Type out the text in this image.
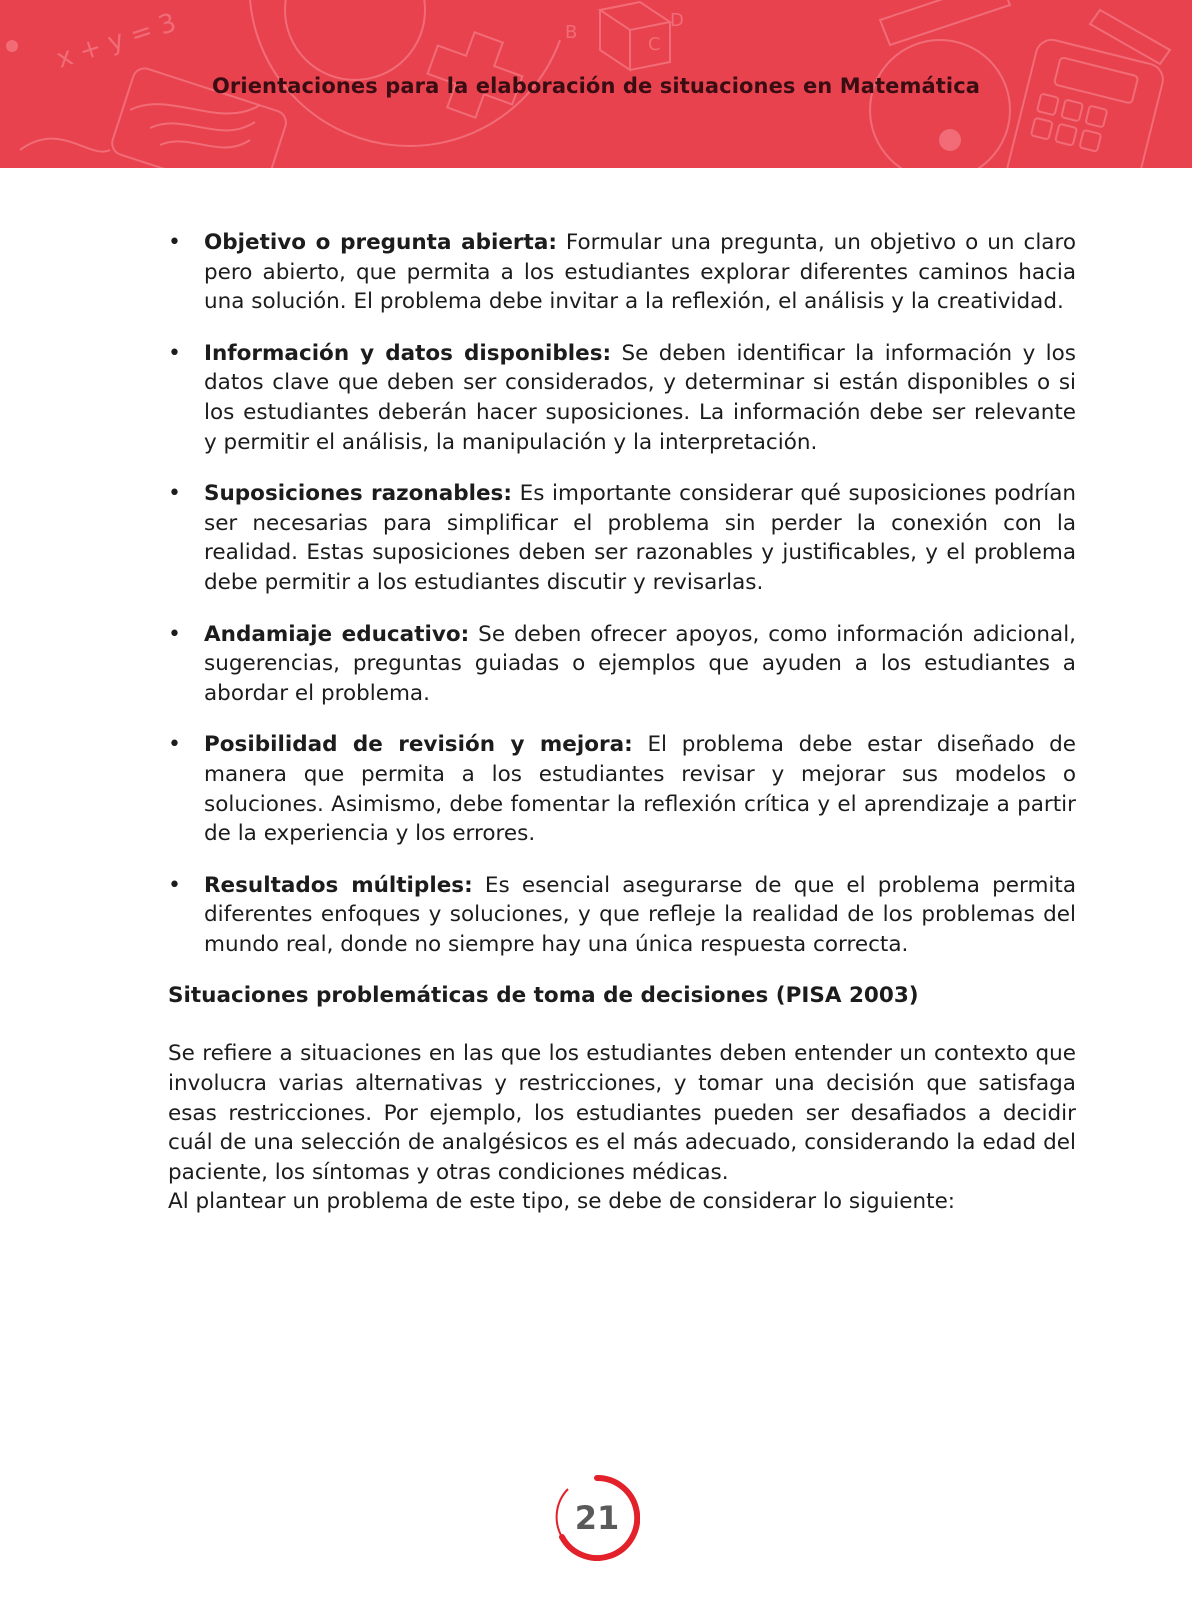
x + y = 3	B
C
D
Orientaciones para la elaboración de situaciones en Matemática
• Objetivo o pregunta abierta: Formular una pregunta, un objetivo o un claro pero abierto, que permita a los estudiantes explorar diferentes caminos hacia una solución. El problema debe invitar a la reflexión, el análisis y la creatividad.
• Información y datos disponibles: Se deben identificar la información y los datos clave que deben ser considerados, y determinar si están disponibles o si los estudiantes deberán hacer suposiciones. La información debe ser relevante y permitir el análisis, la manipulación y la interpretación.
• Suposiciones razonables: Es importante considerar qué suposiciones podrían ser necesarias para simplificar el problema sin perder la conexión con la realidad. Estas suposiciones deben ser razonables y justificables, y el problema debe permitir a los estudiantes discutir y revisarlas.
• Andamiaje educativo: Se deben ofrecer apoyos, como información adicional, sugerencias, preguntas guiadas o ejemplos que ayuden a los estudiantes a abordar el problema.
• Posibilidad de revisión y mejora: El problema debe estar diseñado de manera que permita a los estudiantes revisar y mejorar sus modelos o soluciones. Asimismo, debe fomentar la reflexión crítica y el aprendizaje a partir de la experiencia y los errores.
• Resultados múltiples: Es esencial asegurarse de que el problema permita diferentes enfoques y soluciones, y que refleje la realidad de los problemas del mundo real, donde no siempre hay una única respuesta correcta.
Situaciones problemáticas de toma de decisiones (PISA 2003)

Se refiere a situaciones en las que los estudiantes deben entender un contexto que involucra varias alternativas y restricciones, y tomar una decisión que satisfaga esas restricciones. Por ejemplo, los estudiantes pueden ser desafiados a decidir cuál de una selección de analgésicos es el más adecuado, considerando la edad del paciente, los síntomas y otras condiciones médicas.

Al plantear un problema de este tipo, se debe de considerar lo siguiente:

21
